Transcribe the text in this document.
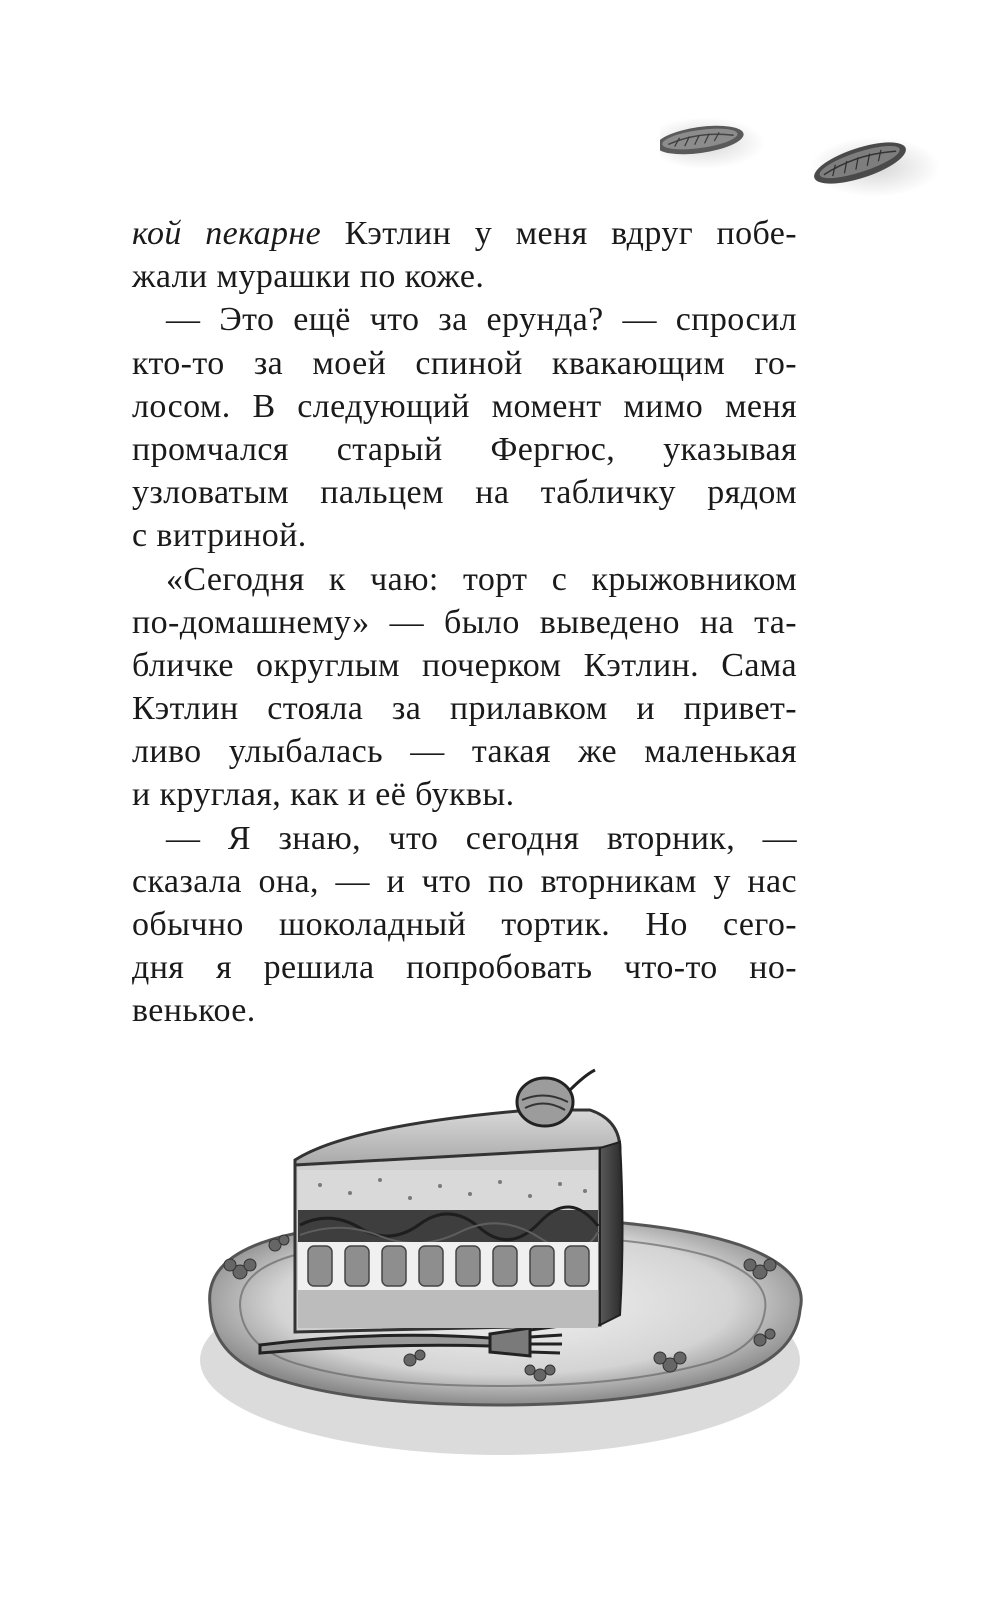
кой пекарне Кэтлин у меня вдруг побе-
жали мурашки по коже.
— Это ещё что за ерунда? — спросил
кто-то за моей спиной квакающим го-
лосом. В следующий момент мимо меня
промчался старый Фергюс, указывая
узловатым пальцем на табличку рядом
с витриной.
«Сегодня к чаю: торт с крыжовником
по-домашнему» — было выведено на та-
бличке округлым почерком Кэтлин. Сама
Кэтлин стояла за прилавком и привет-
ливо улыбалась — такая же маленькая
и круглая, как и её буквы.
— Я знаю, что сегодня вторник, —
сказала она, — и что по вторникам у нас
обычно шоколадный тортик. Но сего-
дня я решила попробовать что-то но-
венькое.
